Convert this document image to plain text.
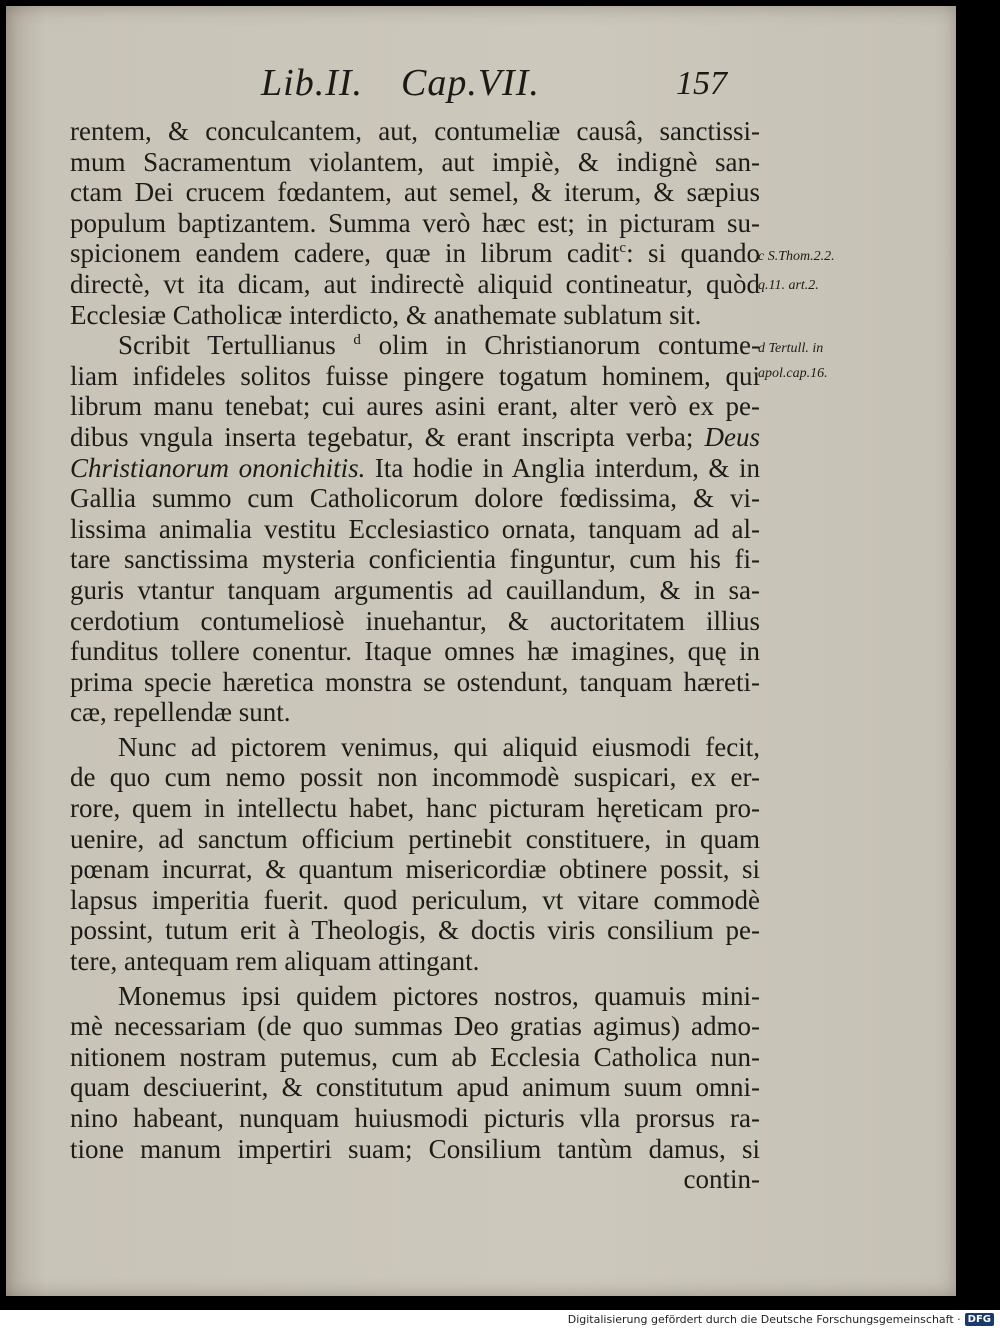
Lib.II. Cap.VII.	157
rentem, & conculcantem, aut, contumeliæ causâ, sanctissi-
mum Sacramentum violantem, aut impiè, & indignè san-
ctam Dei crucem fœdantem, aut semel, & iterum, & sæpius
populum baptizantem. Summa verò hæc est; in picturam su-
spicionem eandem cadere, quæ in librum cadit$^c$: si quando
directè, vt ita dicam, aut indirectè aliquid contineatur, quòd
Ecclesiæ Catholicæ interdicto, & anathemate sublatum sit.
Scribit Tertullianus $^d$ olim in Christianorum contume-
liam infideles solitos fuisse pingere togatum hominem, qui
librum manu tenebat; cui aures asini erant, alter verò ex pe-
dibus vngula inserta tegebatur, & erant inscripta verba; Deus
Christianorum ononichitis. Ita hodie in Anglia interdum, & in
Gallia summo cum Catholicorum dolore fœdissima, & vi-
lissima animalia vestitu Ecclesiastico ornata, tanquam ad al-
tare sanctissima mysteria conficientia finguntur, cum his fi-
guris vtantur tanquam argumentis ad cauillandum, & in sa-
cerdotium contumeliosè inuehantur, & auctoritatem illius
funditus tollere conentur. Itaque omnes hæ imagines, quę in
prima specie hæretica monstra se ostendunt, tanquam hæreti-
cæ, repellendæ sunt.
Nunc ad pictorem venimus, qui aliquid eiusmodi fecit,
de quo cum nemo possit non incommodè suspicari, ex er-
rore, quem in intellectu habet, hanc picturam hęreticam pro-
uenire, ad sanctum officium pertinebit constituere, in quam
pœnam incurrat, & quantum misericordiæ obtinere possit, si
lapsus imperitia fuerit. quod periculum, vt vitare commodè
possint, tutum erit à Theologis, & doctis viris consilium pe-
tere, antequam rem aliquam attingant.
Monemus ipsi quidem pictores nostros, quamuis mini-
mè necessariam (de quo summas Deo gratias agimus) admo-
nitionem nostram putemus, cum ab Ecclesia Catholica nun-
quam desciuerint, & constitutum apud animum suum omni-
nino habeant, nunquam huiusmodi picturis vlla prorsus ra-
tione manum impertiri suam; Consilium tantùm damus, si
contin-
c S.Thom.2.2.
q.11. art.2.
d Tertull. in
apol.cap.16.
Digitalisierung gefördert durch die Deutsche Forschungsgemeinschaft · DFG
